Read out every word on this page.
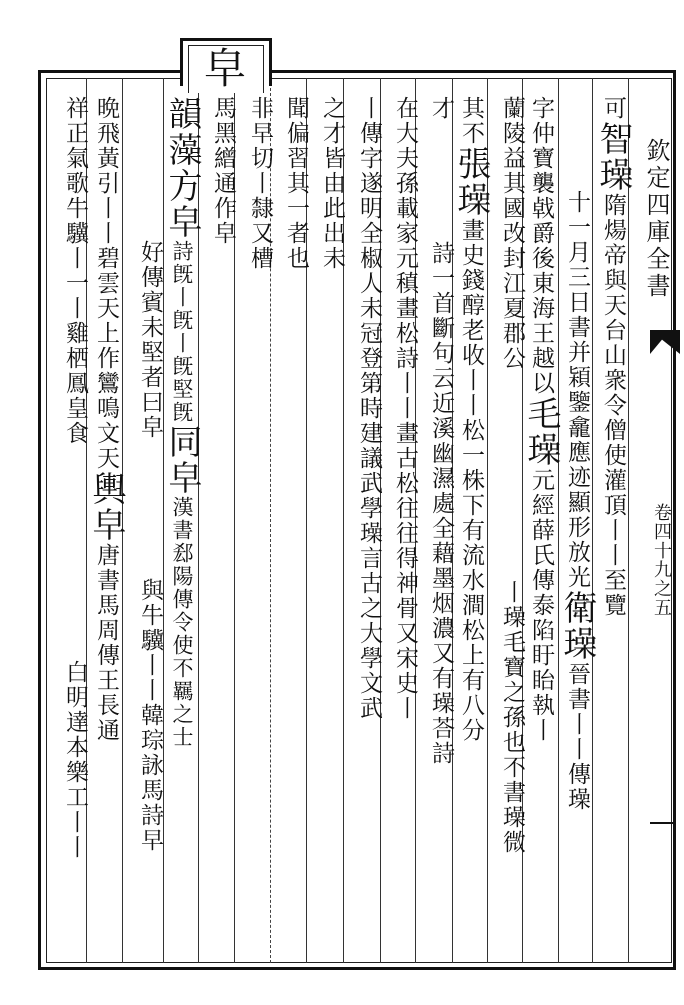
皁
欽定四庫全書
卷四十九之五
可智璪隋煬帝與天台山衆令僧使灌頂丨丨至覽
字仲寶襲㦸爵後東海王越以毛璪元經薛氏傳泰陷盱眙執丨
十一月三日書并㯋鑒龕應迹顯形放光衛璪晉書丨丨傳璪
蘭陵益其國改封江夏郡公
丨璪毛寶之孫也不書璪微
其不張璪畫史錢醇老收丨丨松一株下有流水澗松上有八分
才詩一首斷句云近溪幽濕處全藉墨烟濃又有璪荅詩
在大夫孫載家元稹畫松詩丨丨畫古松往往得神骨又宋史丨
丨傳字遂明全椒人未冠登第時建議武學璪言古之大學文武
之才皆由此出未
聞偏習其一者也
非早切丨隸又槽
馬黑繒通作皁
韻藻方皁詩旣丨旣丨旣堅旣同皁漢書郄陽傳令使不羈之士
好傳賓未堅者曰皁
與牛驥丨丨韓琮詠馬詩早
晩飛黃引丨丨碧雲天上作鸞鳴文天輿皁唐書馬周傳王長通
祥正氣歌牛驥丨一丨雞栖鳳皇食
白明達本樂工丨丨
